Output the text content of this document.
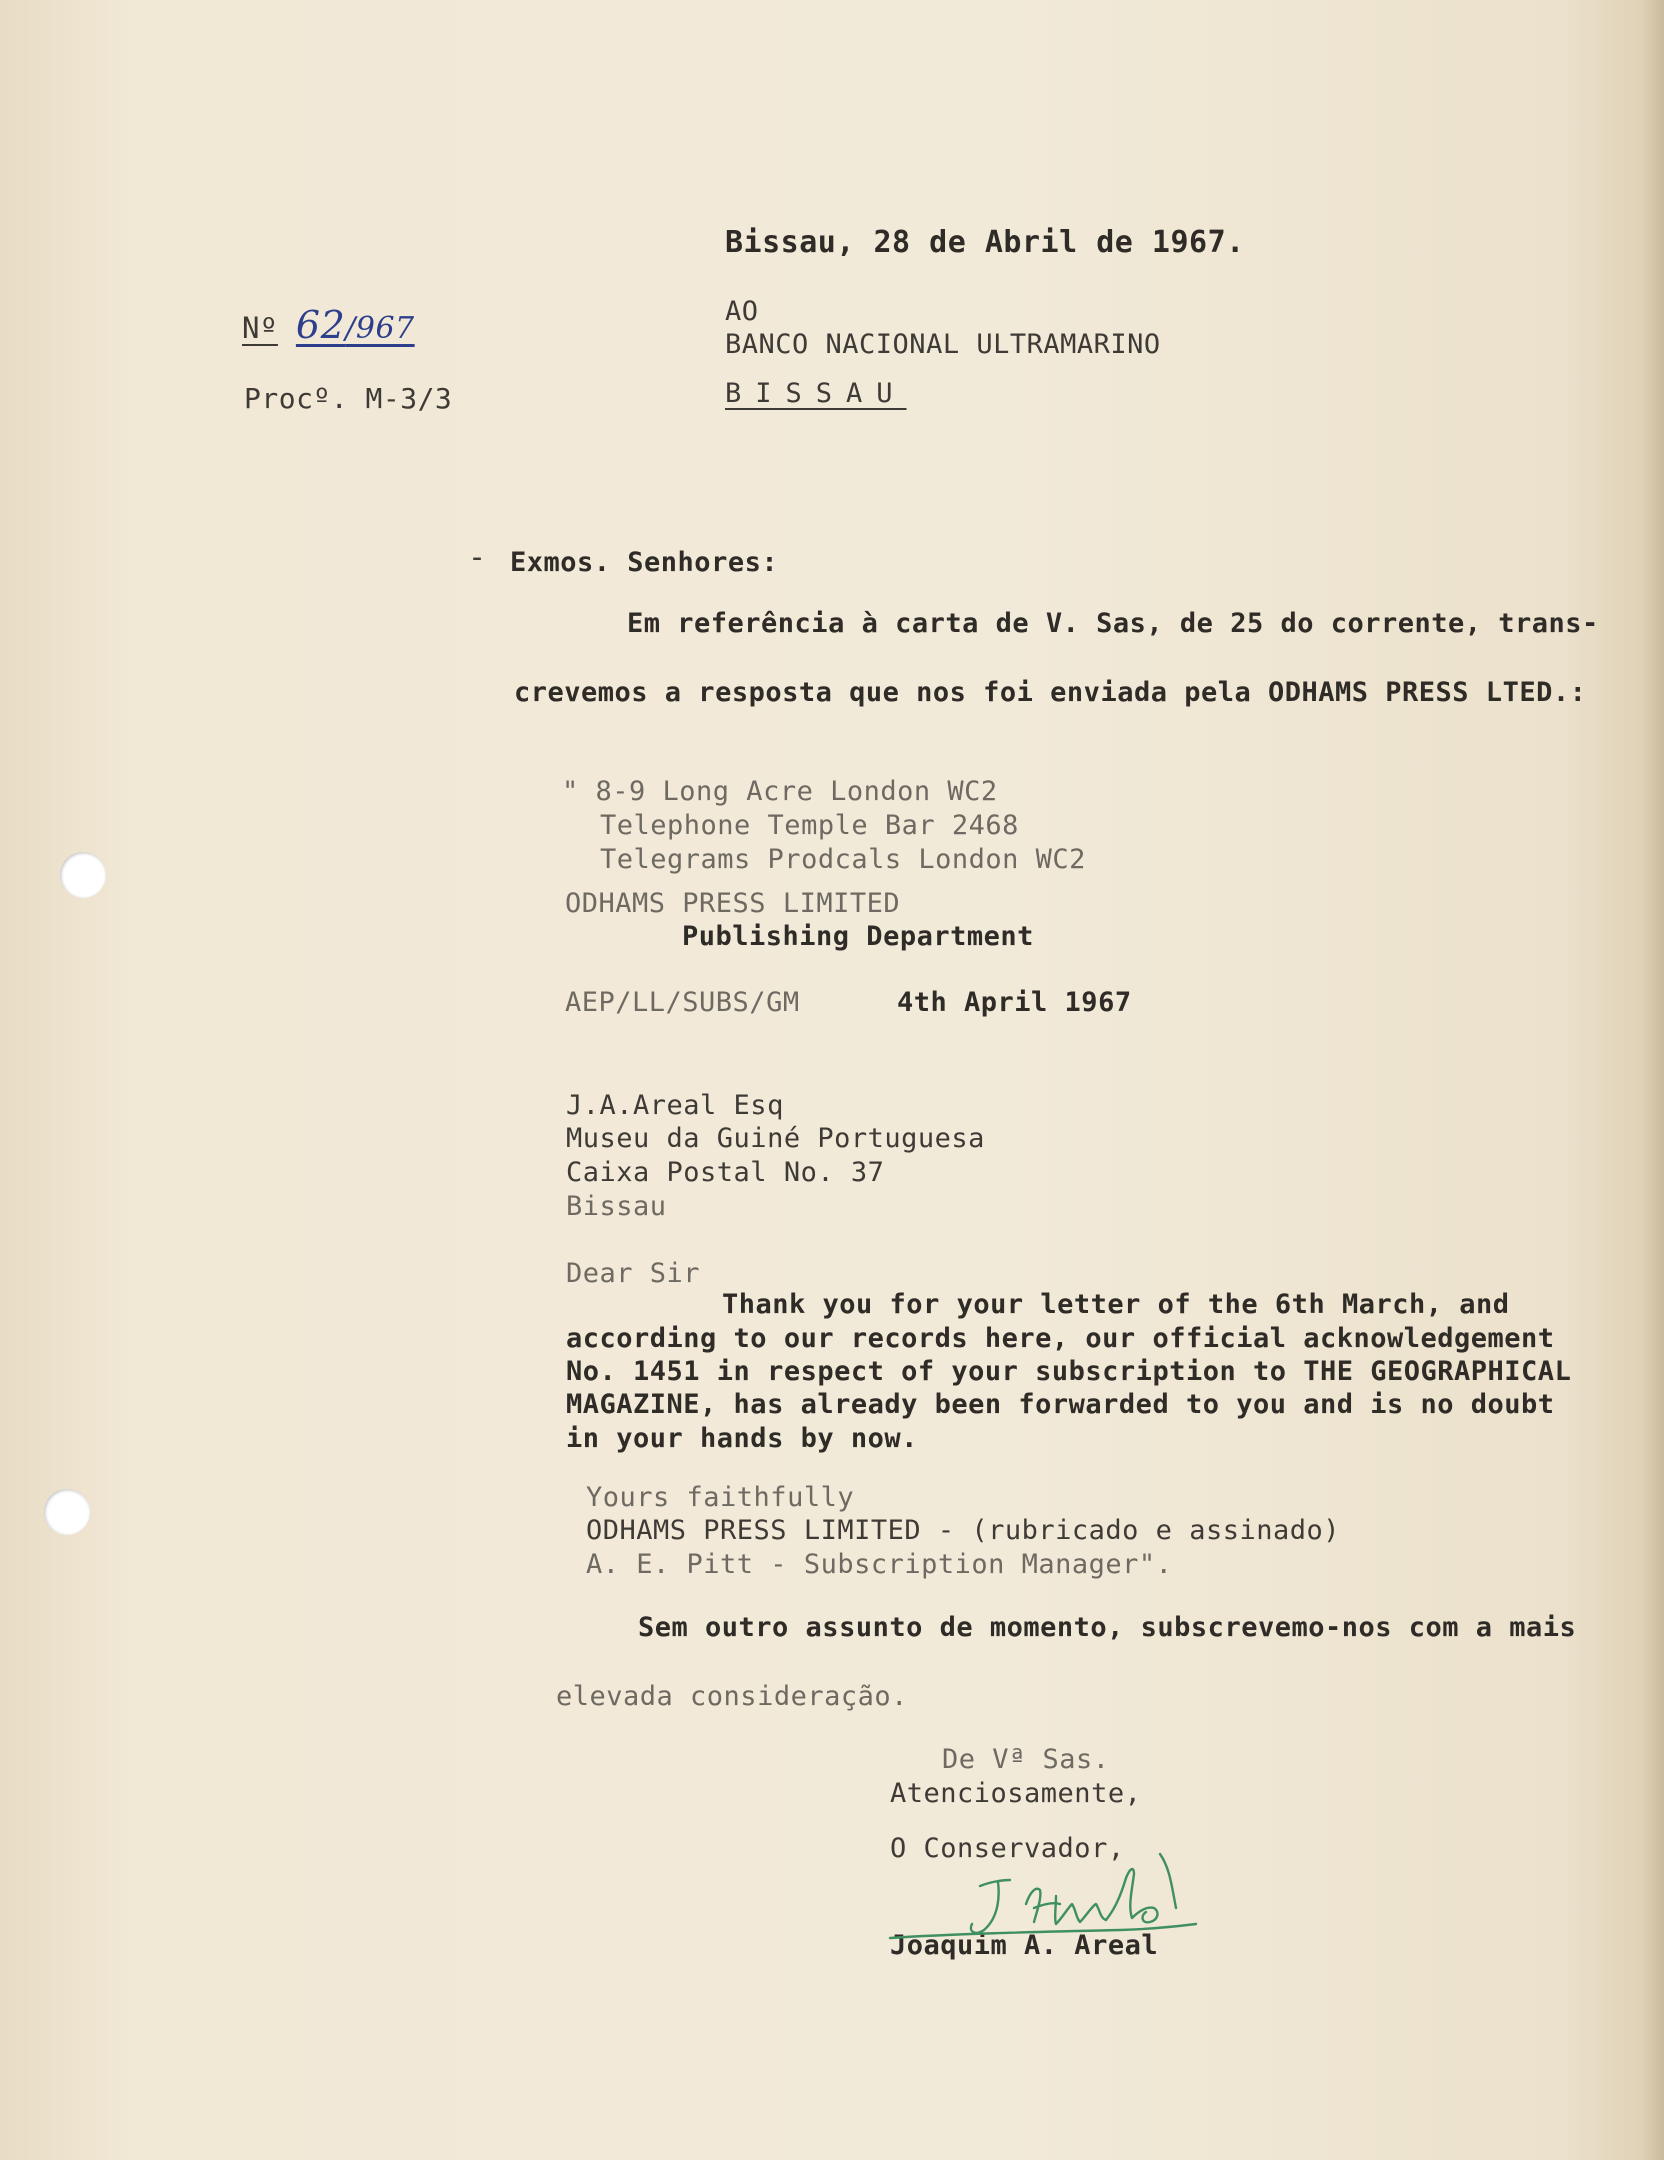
Bissau, 28 de Abril de 1967.
Nº 62/967
Procº. M-3/3
AO
BANCO NACIONAL ULTRAMARINO
BISSAU
- Exmos. Senhores:
Em referência à carta de V. Sas, de 25 do corrente, trans-
crevemos a resposta que nos foi enviada pela ODHAMS PRESS LTED.:
" 8-9 Long Acre London WC2
Telephone Temple Bar 2468
Telegrams Prodcals London WC2
ODHAMS PRESS LIMITED
Publishing Department
AEP/LL/SUBS/GM	4th April 1967
J.A.Areal Esq
Museu da Guiné Portuguesa
Caixa Postal No. 37
Bissau
Dear Sir
Thank you for your letter of the 6th March, and
according to our records here, our official acknowledgement
No. 1451 in respect of your subscription to THE GEOGRAPHICAL
MAGAZINE, has already been forwarded to you and is no doubt
in your hands by now.
Yours faithfully
ODHAMS PRESS LIMITED - (rubricado e assinado)
A. E. Pitt - Subscription Manager".
Sem outro assunto de momento, subscrevemo-nos com a mais
elevada consideração.
De Vª Sas.
Atenciosamente,
O Conservador,
Joaquim A. Areal
